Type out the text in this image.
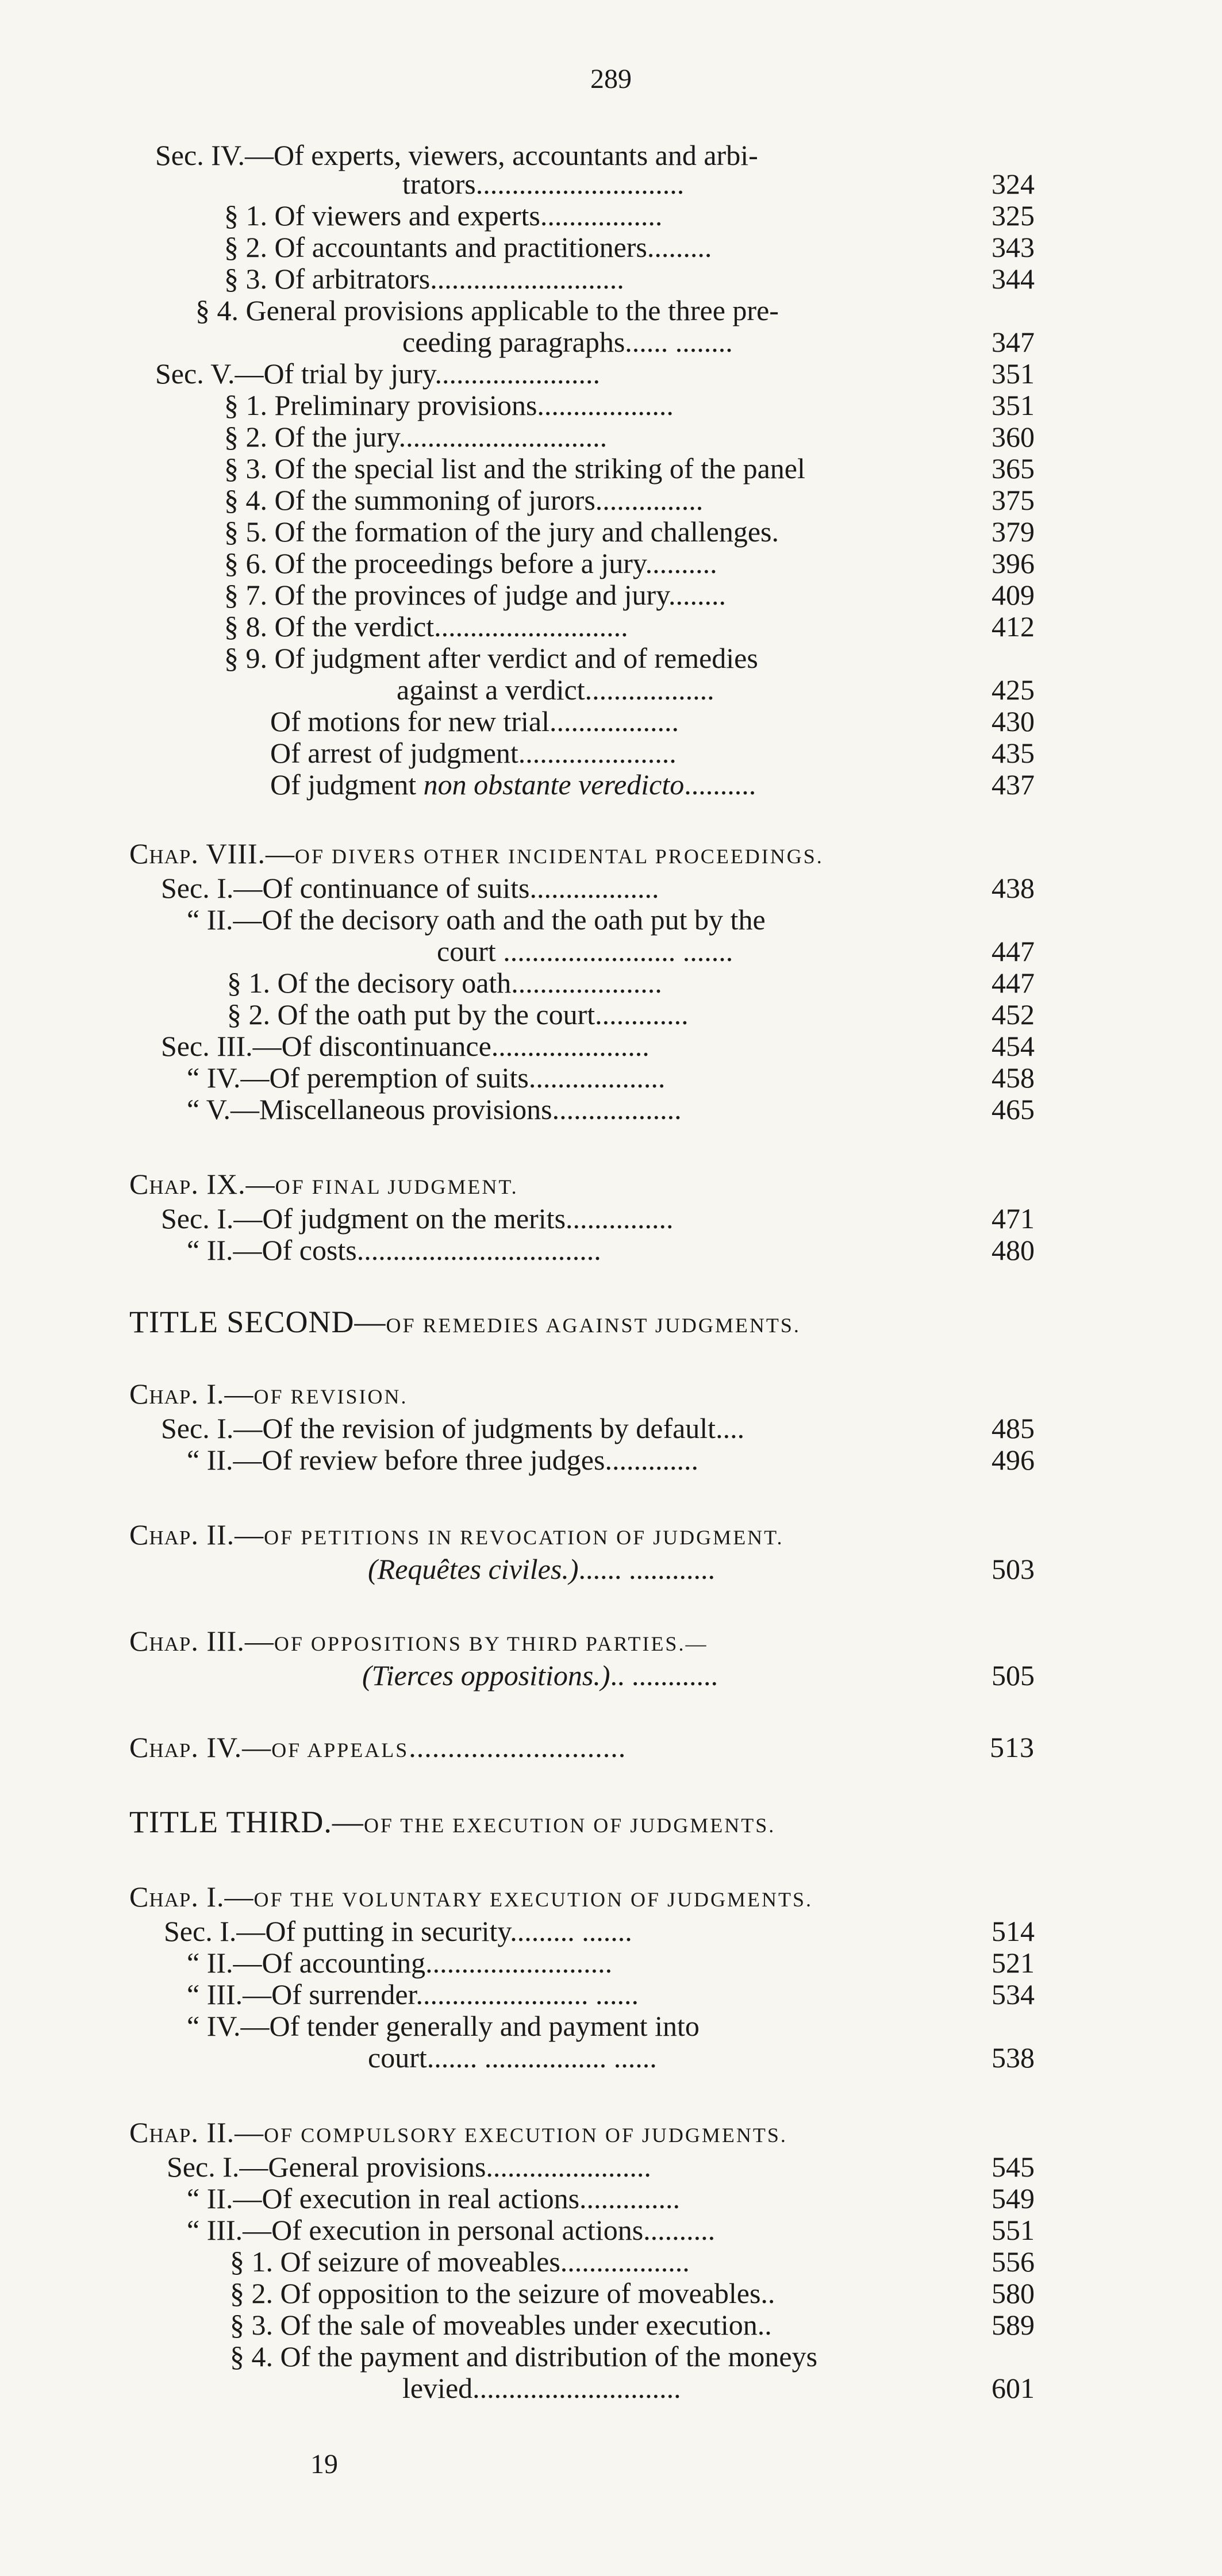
289
Sec. IV.—Of experts, viewers, accountants and arbi-
trators.............................	324
§ 1. Of viewers and experts.................	325
§ 2. Of accountants and practitioners.........	343
§ 3. Of arbitrators...........................	344
§ 4. General provisions applicable to the three pre-
ceeding paragraphs...... ........	347
Sec. V.—Of trial by jury.......................	351
§ 1. Preliminary provisions...................	351
§ 2. Of the jury.............................	360
§ 3. Of the special list and the striking of the panel	365
§ 4. Of the summoning of jurors...............	375
§ 5. Of the formation of the jury and challenges.	379
§ 6. Of the proceedings before a jury..........	396
§ 7. Of the provinces of judge and jury........	409
§ 8. Of the verdict...........................	412
§ 9. Of judgment after verdict and of remedies
against a verdict..................	425
Of motions for new trial..................	430
Of arrest of judgment......................	435
Of judgment non obstante veredicto..........	437
Chap. VIII.—OF DIVERS OTHER INCIDENTAL PROCEEDINGS.
Sec. I.—Of continuance of suits..................	438
“ II.—Of the decisory oath and the oath put by the
court ........................ .......	447
§ 1. Of the decisory oath.....................	447
§ 2. Of the oath put by the court.............	452
Sec. III.—Of discontinuance......................	454
“ IV.—Of peremption of suits...................	458
“ V.—Miscellaneous provisions..................	465
Chap. IX.—OF FINAL JUDGMENT.
Sec. I.—Of judgment on the merits...............	471
“ II.—Of costs..................................	480
TITLE SECOND—OF REMEDIES AGAINST JUDGMENTS.
Chap. I.—OF REVISION.
Sec. I.—Of the revision of judgments by default....	485
“ II.—Of review before three judges.............	496
Chap. II.—OF PETITIONS IN REVOCATION OF JUDGMENT.
(Requêtes civiles.)...... ............	503
Chap. III.—OF OPPOSITIONS BY THIRD PARTIES.—
(Tierces oppositions.).. ............	505
Chap. IV.—OF APPEALS............................	513
TITLE THIRD.—OF THE EXECUTION OF JUDGMENTS.
Chap. I.—OF THE VOLUNTARY EXECUTION OF JUDGMENTS.
Sec. I.—Of putting in security......... .......	514
“ II.—Of accounting..........................	521
“ III.—Of surrender........................ ......	534
“ IV.—Of tender generally and payment into
court....... ................. ......	538
Chap. II.—OF COMPULSORY EXECUTION OF JUDGMENTS.
Sec. I.—General provisions.......................	545
“ II.—Of execution in real actions..............	549
“ III.—Of execution in personal actions..........	551
§ 1. Of seizure of moveables..................	556
§ 2. Of opposition to the seizure of moveables..	580
§ 3. Of the sale of moveables under execution..	589
§ 4. Of the payment and distribution of the moneys
levied.............................	601
19
